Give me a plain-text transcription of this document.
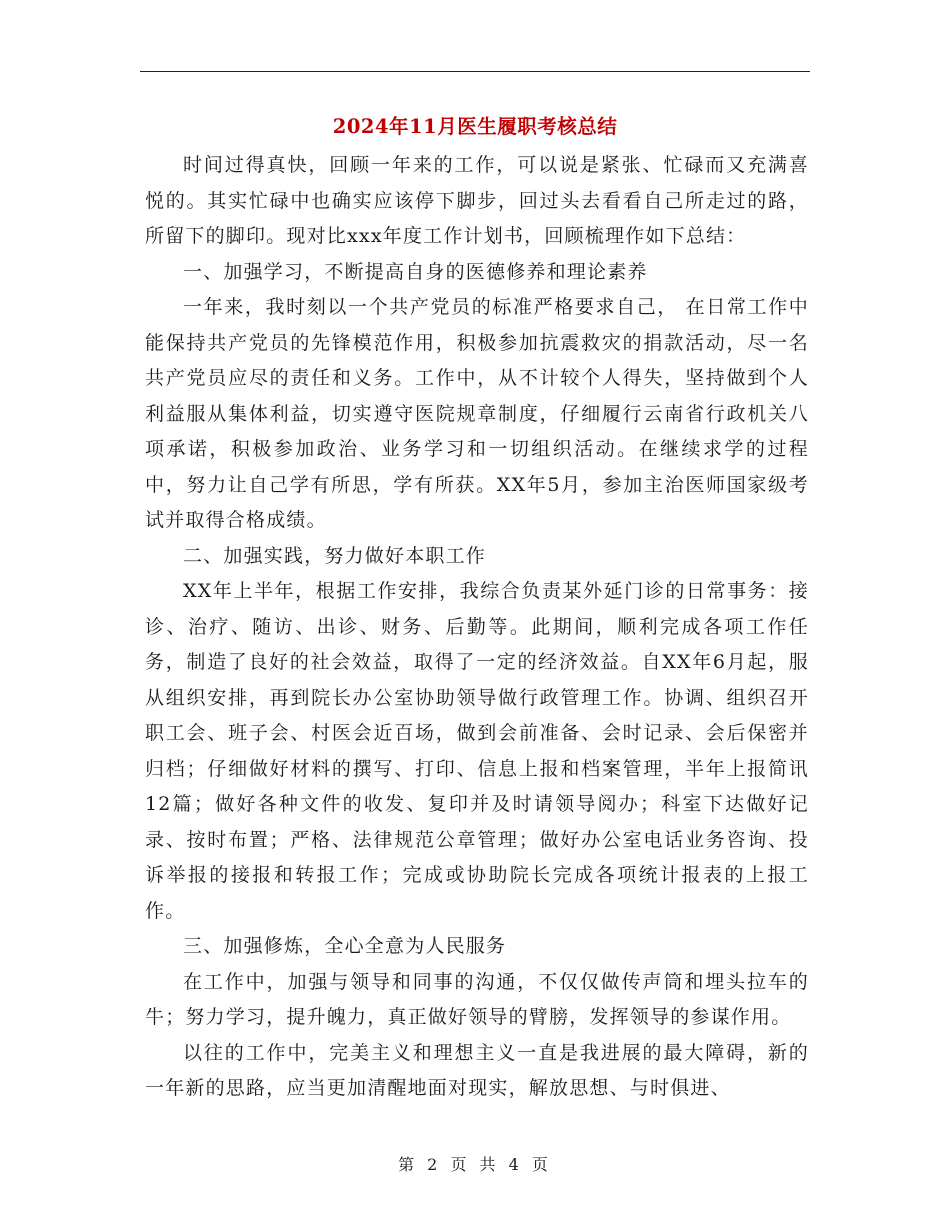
2024年11月医生履职考核总结

时间过得真快，回顾一年来的工作，可以说是紧张、忙碌而又充满喜悦的。其实忙碌中也确实应该停下脚步，回过头去看看自己所走过的路，所留下的脚印。现对比xxx年度工作计划书，回顾梳理作如下总结：

一、加强学习，不断提高自身的医德修养和理论素养

一年来，我时刻以一个共产党员的标准严格要求自己， 在日常工作中能保持共产党员的先锋模范作用，积极参加抗震救灾的捐款活动，尽一名共产党员应尽的责任和义务。工作中，从不计较个人得失，坚持做到个人利益服从集体利益，切实遵守医院规章制度，仔细履行云南省行政机关八项承诺，积极参加政治、业务学习和一切组织活动。在继续求学的过程中，努力让自己学有所思，学有所获。XX年5月，参加主治医师国家级考试并取得合格成绩。

二、加强实践，努力做好本职工作

XX年上半年，根据工作安排，我综合负责某外延门诊的日常事务：接诊、治疗、随访、出诊、财务、后勤等。此期间，顺利完成各项工作任务，制造了良好的社会效益，取得了一定的经济效益。自XX年6月起，服从组织安排，再到院长办公室协助领导做行政管理工作。协调、组织召开职工会、班子会、村医会近百场，做到会前准备、会时记录、会后保密并归档；仔细做好材料的撰写、打印、信息上报和档案管理，半年上报简讯12篇；做好各种文件的收发、复印并及时请领导阅办；科室下达做好记录、按时布置；严格、法律规范公章管理；做好办公室电话业务咨询、投诉举报的接报和转报工作；完成或协助院长完成各项统计报表的上报工作。

三、加强修炼，全心全意为人民服务

在工作中，加强与领导和同事的沟通，不仅仅做传声筒和埋头拉车的牛；努力学习，提升魄力，真正做好领导的臂膀，发挥领导的参谋作用。

以往的工作中，完美主义和理想主义一直是我进展的最大障碍，新的一年新的思路，应当更加清醒地面对现实，解放思想、与时俱进、

第 2 页 共 4 页
